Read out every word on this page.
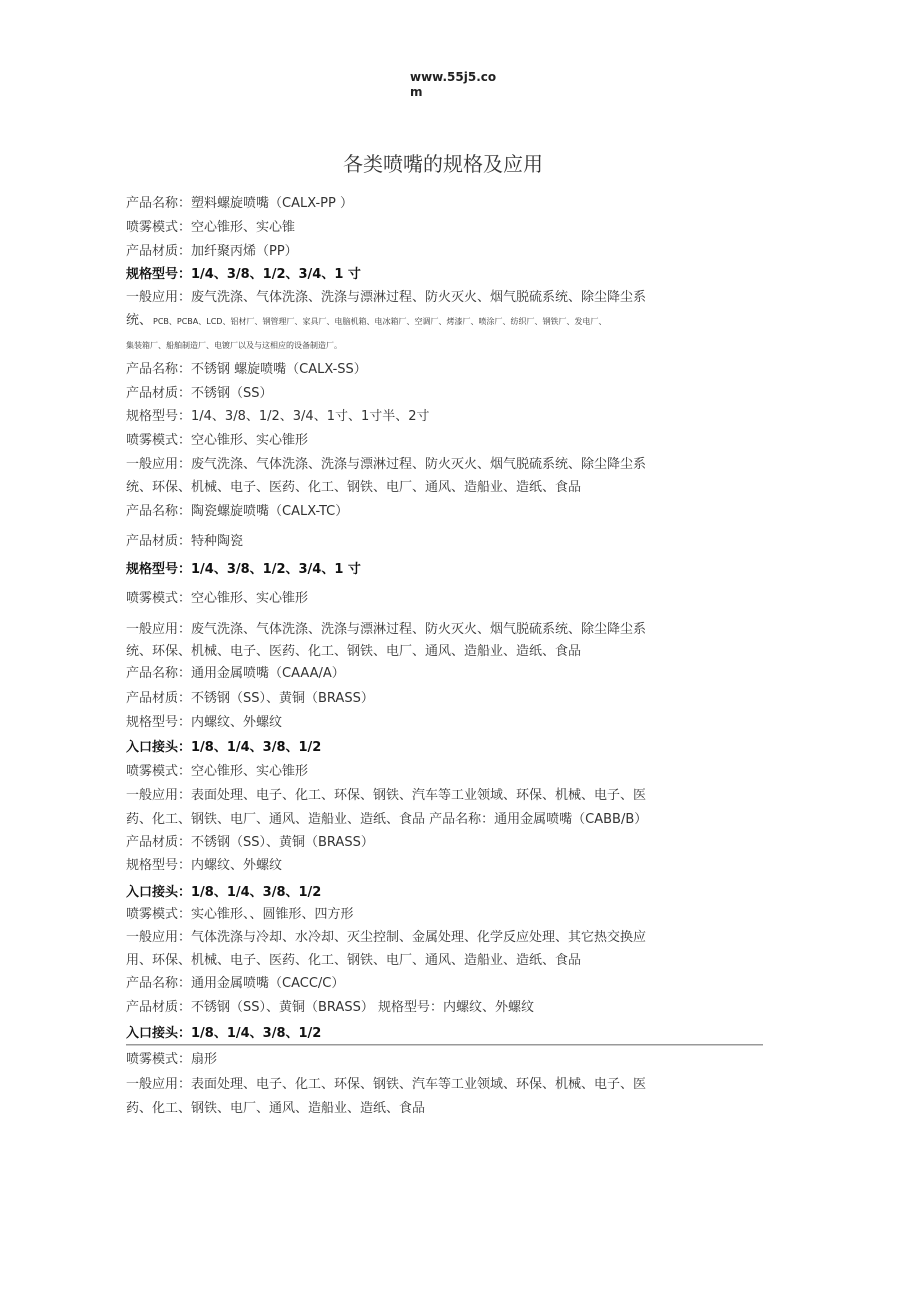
www.55j5.co
m
各类喷嘴的规格及应用
产品名称：塑料螺旋喷嘴（CALX-PP ）
喷雾模式：空心锥形、实心锥
产品材质：加纤聚丙烯（PP）
规格型号：1/4、3/8、1/2、3/4、1 寸
一般应用：废气洗涤、气体洗涤、洗涤与漂淋过程、防火灭火、烟气脱硫系统、除尘降尘系
统、 PCB、PCBA、LCD、铝材厂、钢管理厂、家具厂、电脑机箱、电冰箱厂、空调厂、烤漆厂、喷涂厂、纺织厂、钢铁厂、发电厂、
集装箱厂、船舶制造厂、电镀厂以及与这相应的设备制造厂。
产品名称：不锈钢 螺旋喷嘴（CALX-SS）
产品材质：不锈钢（SS）
规格型号：1/4、3/8、1/2、3/4、1寸、1寸半、2寸
喷雾模式：空心锥形、实心锥形
一般应用：废气洗涤、气体洗涤、洗涤与漂淋过程、防火灭火、烟气脱硫系统、除尘降尘系
统、环保、机械、电子、医药、化工、钢铁、电厂、通风、造船业、造纸、食品
产品名称：陶瓷螺旋喷嘴（CALX-TC）
产品材质：特种陶瓷
规格型号：1/4、3/8、1/2、3/4、1 寸
喷雾模式：空心锥形、实心锥形
一般应用：废气洗涤、气体洗涤、洗涤与漂淋过程、防火灭火、烟气脱硫系统、除尘降尘系
统、环保、机械、电子、医药、化工、钢铁、电厂、通风、造船业、造纸、食品
产品名称：通用金属喷嘴（CAAA/A）
产品材质：不锈钢（SS）、黄铜（BRASS）
规格型号：内螺纹、外螺纹
入口接头：1/8、1/4、3/8、1/2
喷雾模式：空心锥形、实心锥形
一般应用：表面处理、电子、化工、环保、钢铁、汽车等工业领域、环保、机械、电子、医
药、化工、钢铁、电厂、通风、造船业、造纸、食品 产品名称：通用金属喷嘴（CABB/B）
产品材质：不锈钢（SS）、黄铜（BRASS）
规格型号：内螺纹、外螺纹
入口接头：1/8、1/4、3/8、1/2
喷雾模式：实心锥形、、圆锥形、四方形
一般应用：气体洗涤与冷却、水冷却、灭尘控制、金属处理、化学反应处理、其它热交换应
用、环保、机械、电子、医药、化工、钢铁、电厂、通风、造船业、造纸、食品
产品名称：通用金属喷嘴（CACC/C）
产品材质：不锈钢（SS）、黄铜（BRASS） 规格型号：内螺纹、外螺纹
入口接头：1/8、1/4、3/8、1/2
喷雾模式：扇形
一般应用：表面处理、电子、化工、环保、钢铁、汽车等工业领域、环保、机械、电子、医
药、化工、钢铁、电厂、通风、造船业、造纸、食品
